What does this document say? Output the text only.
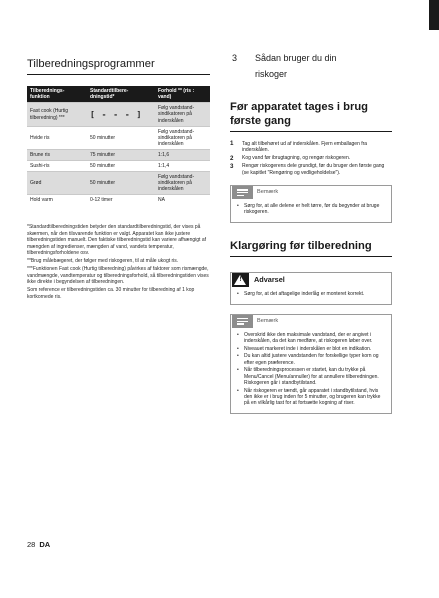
Tilberedningsprogrammer
Tilberednings- funktion	Standardtilbere- dningstid*	Forhold ** (ris : vand)
Fast cook (Hurtig tilberedning) ***	[ - - - ]	Følg vandstand-sindikatoren på inderskålen
Hvide ris	50 minutter	Følg vandstand-sindikatoren på inderskålen
Brune ris	75 minutter	1:1,6
Sushi-ris	50 minutter	1:1,4
Grød	50 minutter	Følg vandstand-sindikatoren på inderskålen
Hold varm	0-12 timer	NA

*Standardtilberedningstiden betyder den standardtilberedningstid, der vises på skærmen, når den tilsvarende funktion er valgt. Apparatet kan ikke justere tilberedningstiden manuelt. Den faktiske tilberedningstid kan variere afhængigt af mængden af ingredienser, mængden af vand, vandets temperatur, tilberedningsforholdene osv.

**Brug målebægeret, der følger med riskogeren, til at måle ukogt ris.

***Funktionen Fast cook (Hurtig tilberedning) påvirkes af faktorer som rismængde, vandmængde, vandtemperatur og tilberedningsforhold, så tilberedningstiden vises ikke direkte i begyndelsen af tilberedningen.

Som reference er tilberedningstiden ca. 30 minutter for tilberedning af 1 kop kortkornede ris.

28 DA
3 Sådan bruger du din
riskoger
Før apparatet tages i brug første gang
1 Tag alt tilbehøret ud af inderskålen. Fjern emballagen fra inderskålen.
2 Kog vand før ibrugtagning, og rengør riskogeren.
3 Rengør riskogerens dele grundigt, før du bruger den første gang (se kapitlet "Rengøring og vedligeholdelse").
Bemærk
• Sørg for, at alle delene er helt tørre, før du begynder at bruge riskogeren.
Klargøring før tilberedning
!	Advarsel
• Sørg for, at det aftagelige inderlåg er monteret korrekt.
Bemærk
• Overskrid ikke den maksimale vandstand, der er angivet i inderskålen, da det kan medføre, at riskogeren løber over.
• Niveauet markeret inde i inderskålen er blot en indikation.
• Du kan altid justere vandstanden for forskellige typer korn og efter egen præference.
• Når tilberedningsprocessen er startet, kan du trykke på Menu/Cancel (Menu/annuller) for at annullere tilberedningen. Riskogeren går i standbytilstand.
• Når riskogeren er tændt, går apparatet i standbytilstand, hvis den ikke er i brug inden for 5 minutter, og brugeren kan trykke på en vilkårlig tast for at fortsætte kogning af riser.
